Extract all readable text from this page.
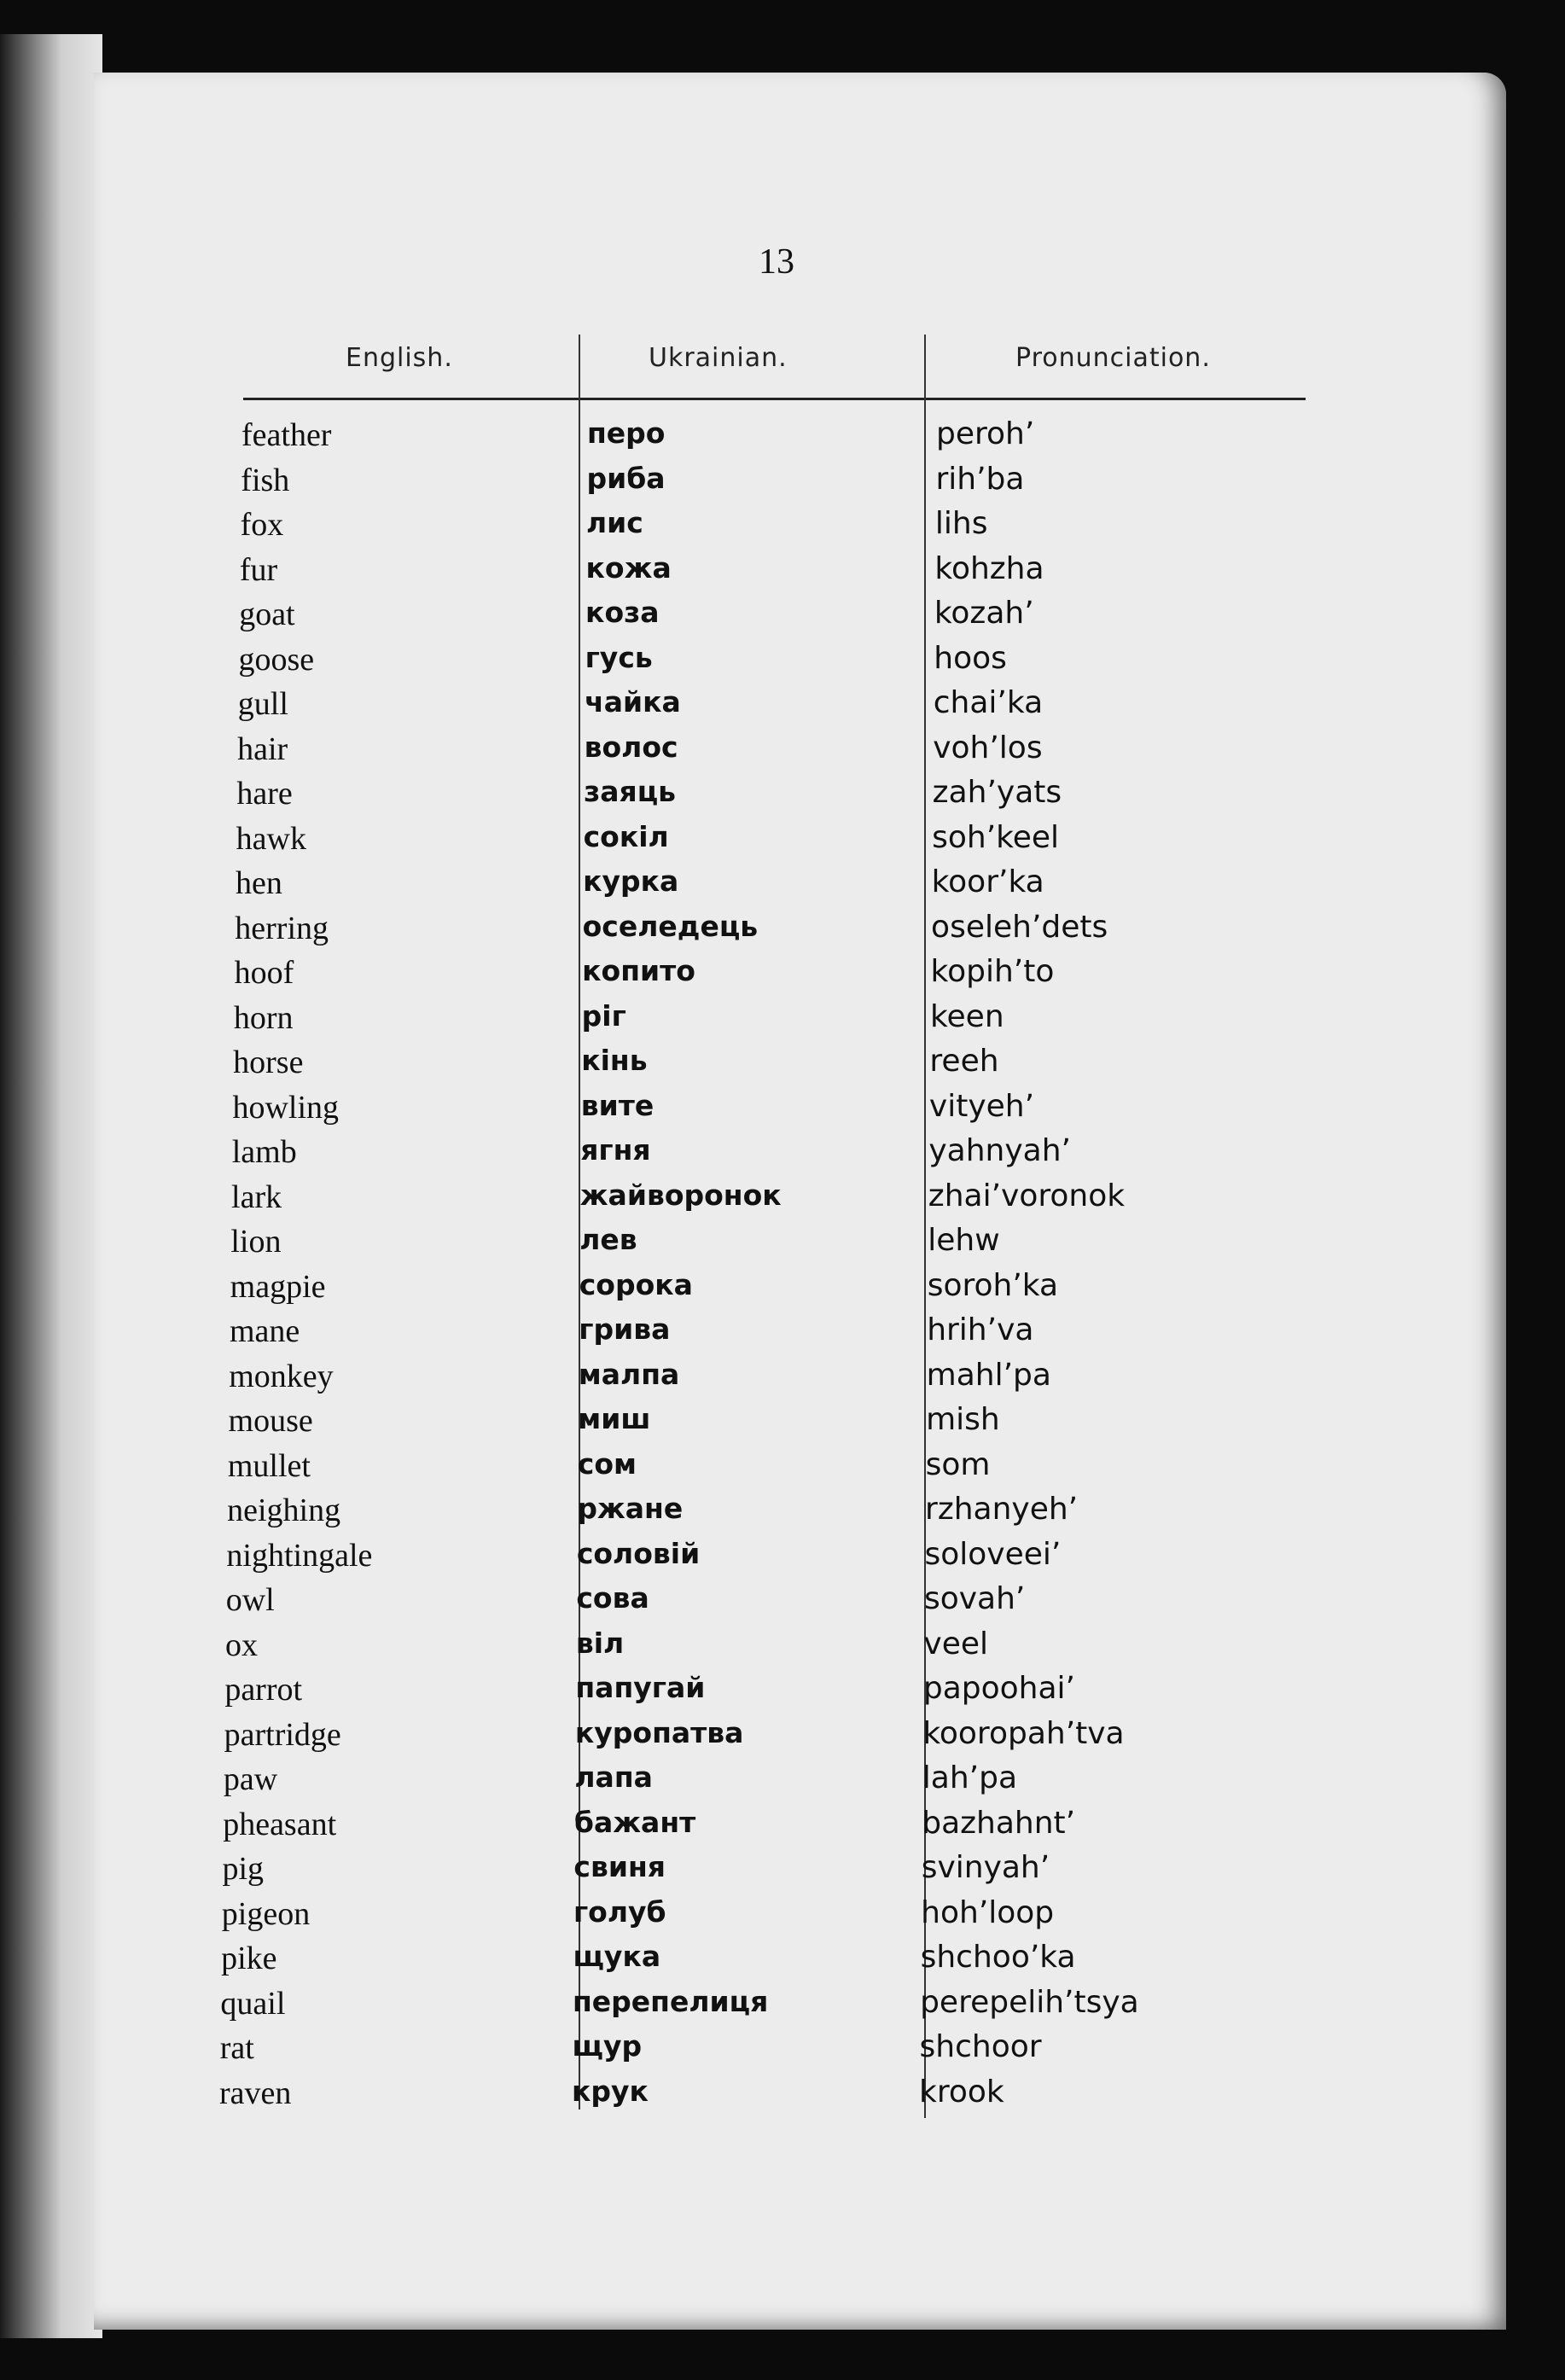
13
English.	Ukrainian.	Pronunciation.
feather	перо	peroh’
fish	риба	rih’ba
fox	лис	lihs
fur	кожа	kohzha
goat	коза	kozah’
goose	гусь	hoos
gull	чайка	chai’ka
hair	волос	voh’los
hare	заяць	zah’yats
hawk	сокіл	soh’keel
hen	курка	koor’ka
herring	оселедець	oseleh’dets
hoof	копито	kopih’to
horn	ріг	keen
horse	кінь	reeh
howling	вите	vityeh’
lamb	ягня	yahnyah’
lark	жайворонок	zhai’voronok
lion	лев	lehw
magpie	сорока	soroh’ka
mane	грива	hrih’va
monkey	малпа	mahl’pa
mouse	миш	mish
mullet	сом	som
neighing	ржане	rzhanyeh’
nightingale	соловій	soloveei’
owl	сова	sovah’
ox	віл	veel
parrot	папугай	papoohai’
partridge	куропатва	kooropah’tva
paw	лапа	lah’pa
pheasant	бажант	bazhahnt’
pig	свиня	svinyah’
pigeon	голуб	hoh’loop
pike	щука	shchoo’ka
quail	перепелиця	perepelih’tsya
rat	щур	shchoor
raven	крук	krook
